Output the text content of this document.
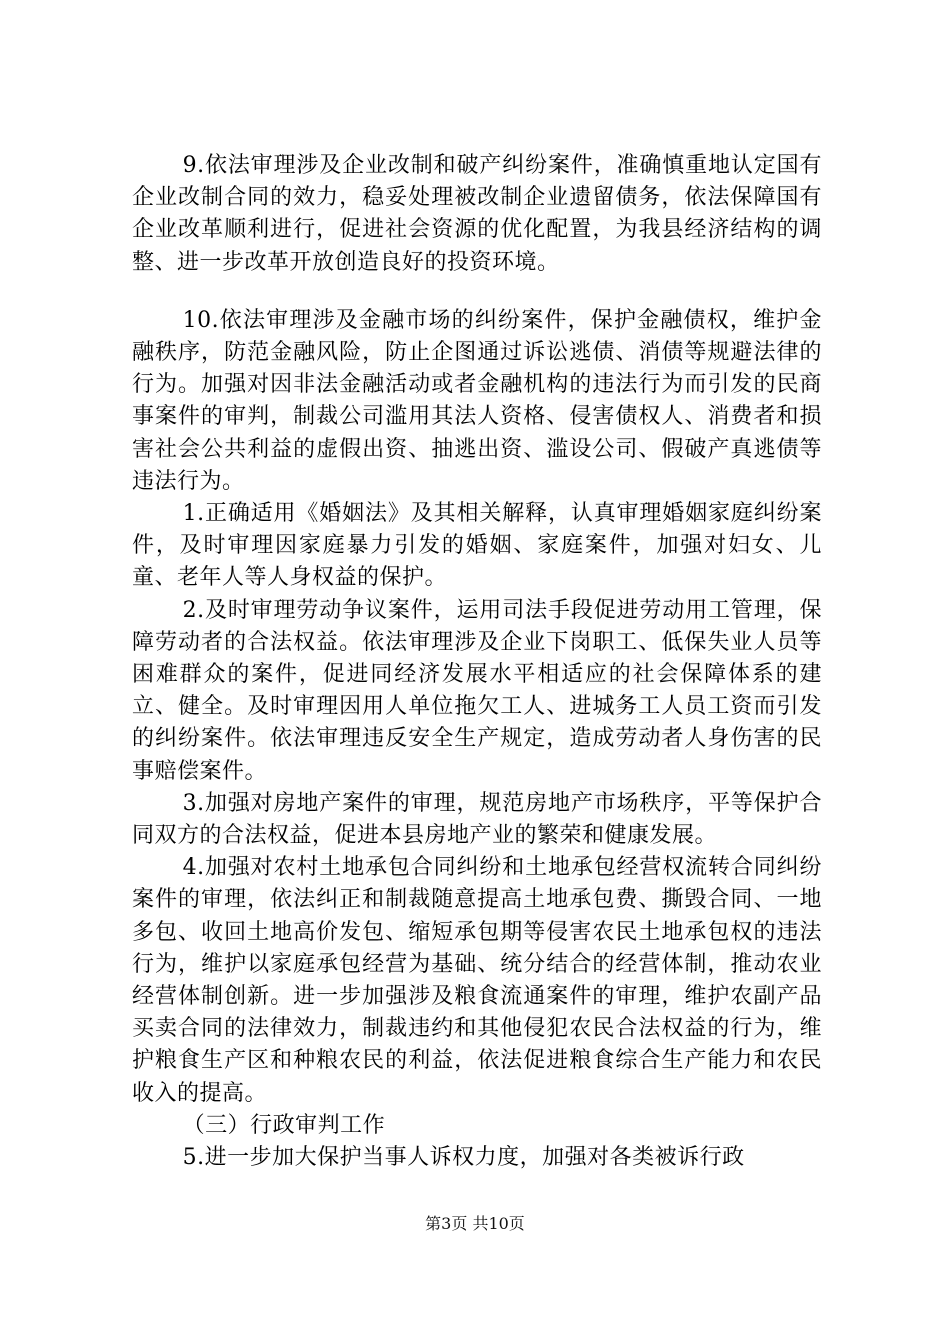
9.依法审理涉及企业改制和破产纠纷案件，准确慎重地认定国有企业改制合同的效力，稳妥处理被改制企业遗留债务，依法保障国有企业改革顺利进行，促进社会资源的优化配置，为我县经济结构的调整、进一步改革开放创造良好的投资环境。

10.依法审理涉及金融市场的纠纷案件，保护金融债权，维护金融秩序，防范金融风险，防止企图通过诉讼逃债、消债等规避法律的行为。加强对因非法金融活动或者金融机构的违法行为而引发的民商事案件的审判，制裁公司滥用其法人资格、侵害债权人、消费者和损害社会公共利益的虚假出资、抽逃出资、滥设公司、假破产真逃债等违法行为。

1.正确适用《婚姻法》及其相关解释，认真审理婚姻家庭纠纷案件，及时审理因家庭暴力引发的婚姻、家庭案件，加强对妇女、儿童、老年人等人身权益的保护。

2.及时审理劳动争议案件，运用司法手段促进劳动用工管理，保障劳动者的合法权益。依法审理涉及企业下岗职工、低保失业人员等困难群众的案件，促进同经济发展水平相适应的社会保障体系的建立、健全。及时审理因用人单位拖欠工人、进城务工人员工资而引发的纠纷案件。依法审理违反安全生产规定，造成劳动者人身伤害的民事赔偿案件。

3.加强对房地产案件的审理，规范房地产市场秩序，平等保护合同双方的合法权益，促进本县房地产业的繁荣和健康发展。

4.加强对农村土地承包合同纠纷和土地承包经营权流转合同纠纷案件的审理，依法纠正和制裁随意提高土地承包费、撕毁合同、一地多包、收回土地高价发包、缩短承包期等侵害农民土地承包权的违法行为，维护以家庭承包经营为基础、统分结合的经营体制，推动农业经营体制创新。进一步加强涉及粮食流通案件的审理，维护农副产品买卖合同的法律效力，制裁违约和其他侵犯农民合法权益的行为，维护粮食生产区和种粮农民的利益，依法促进粮食综合生产能力和农民收入的提高。

（三）行政审判工作

5.进一步加大保护当事人诉权力度，加强对各类被诉行政

第3页 共10页
